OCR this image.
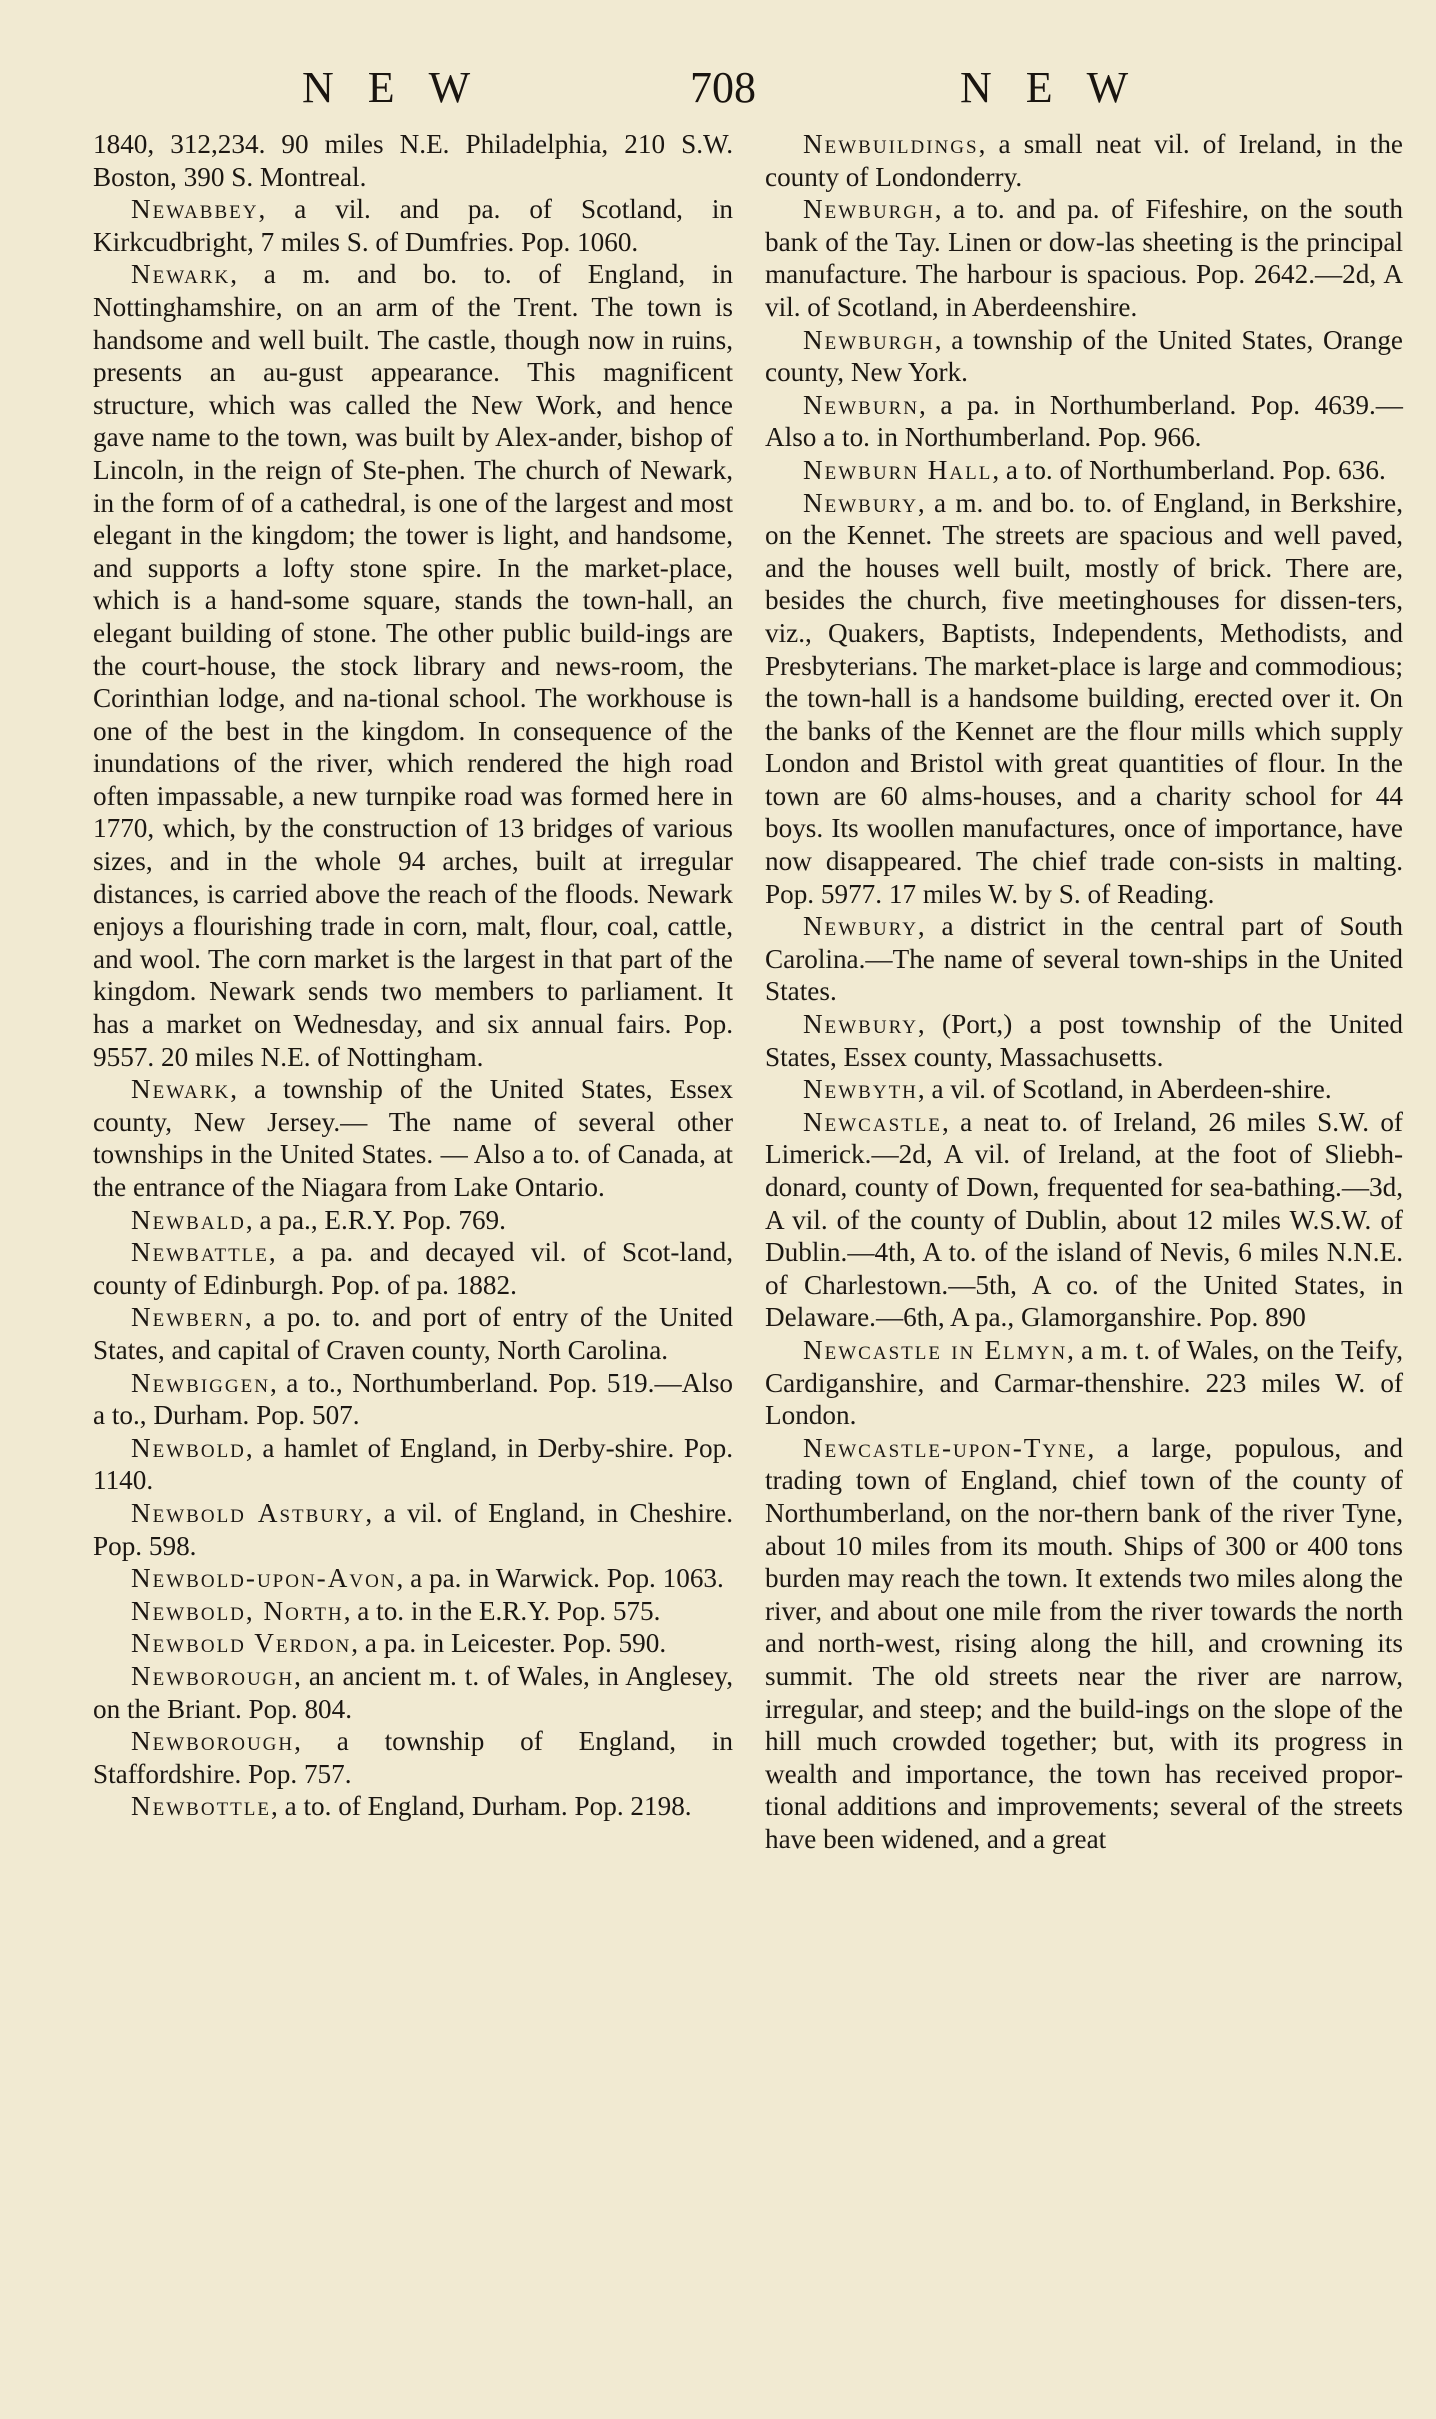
NEW	708	NEW

1840, 312,234. 90 miles N.E. Philadelphia, 210 S.W. Boston, 390 S. Montreal.

Newabbey, a vil. and pa. of Scotland, in Kirkcudbright, 7 miles S. of Dumfries. Pop. 1060.

Newark, a m. and bo. to. of England, in Nottinghamshire, on an arm of the Trent. The town is handsome and well built. The castle, though now in ruins, presents an au-gust appearance. This magnificent structure, which was called the New Work, and hence gave name to the town, was built by Alex-ander, bishop of Lincoln, in the reign of Ste-phen. The church of Newark, in the form of of a cathedral, is one of the largest and most elegant in the kingdom; the tower is light, and handsome, and supports a lofty stone spire. In the market-place, which is a hand-some square, stands the town-hall, an elegant building of stone. The other public build-ings are the court-house, the stock library and news-room, the Corinthian lodge, and na-tional school. The workhouse is one of the best in the kingdom. In consequence of the inundations of the river, which rendered the high road often impassable, a new turnpike road was formed here in 1770, which, by the construction of 13 bridges of various sizes, and in the whole 94 arches, built at irregular distances, is carried above the reach of the floods. Newark enjoys a flourishing trade in corn, malt, flour, coal, cattle, and wool. The corn market is the largest in that part of the kingdom. Newark sends two members to parliament. It has a market on Wednesday, and six annual fairs. Pop. 9557. 20 miles N.E. of Nottingham.

Newark, a township of the United States, Essex county, New Jersey.— The name of several other townships in the United States. — Also a to. of Canada, at the entrance of the Niagara from Lake Ontario.

Newbald, a pa., E.R.Y. Pop. 769.

Newbattle, a pa. and decayed vil. of Scot-land, county of Edinburgh. Pop. of pa. 1882.

Newbern, a po. to. and port of entry of the United States, and capital of Craven county, North Carolina.

Newbiggen, a to., Northumberland. Pop. 519.—Also a to., Durham. Pop. 507.

Newbold, a hamlet of England, in Derby-shire. Pop. 1140.

Newbold Astbury, a vil. of England, in Cheshire. Pop. 598.

Newbold-upon-Avon, a pa. in Warwick. Pop. 1063.

Newbold, North, a to. in the E.R.Y. Pop. 575.

Newbold Verdon, a pa. in Leicester. Pop. 590.

Newborough, an ancient m. t. of Wales, in Anglesey, on the Briant. Pop. 804.

Newborough, a township of England, in Staffordshire. Pop. 757.

Newbottle, a to. of England, Durham. Pop. 2198.

Newbuildings, a small neat vil. of Ireland, in the county of Londonderry.

Newburgh, a to. and pa. of Fifeshire, on the south bank of the Tay. Linen or dow-las sheeting is the principal manufacture. The harbour is spacious. Pop. 2642.—2d, A vil. of Scotland, in Aberdeenshire.

Newburgh, a township of the United States, Orange county, New York.

Newburn, a pa. in Northumberland. Pop. 4639.—Also a to. in Northumberland. Pop. 966.

Newburn Hall, a to. of Northumberland. Pop. 636.

Newbury, a m. and bo. to. of England, in Berkshire, on the Kennet. The streets are spacious and well paved, and the houses well built, mostly of brick. There are, besides the church, five meetinghouses for dissen-ters, viz., Quakers, Baptists, Independents, Methodists, and Presbyterians. The market-place is large and commodious; the town-hall is a handsome building, erected over it. On the banks of the Kennet are the flour mills which supply London and Bristol with great quantities of flour. In the town are 60 alms-houses, and a charity school for 44 boys. Its woollen manufactures, once of importance, have now disappeared. The chief trade con-sists in malting. Pop. 5977. 17 miles W. by S. of Reading.

Newbury, a district in the central part of South Carolina.—The name of several town-ships in the United States.

Newbury, (Port,) a post township of the United States, Essex county, Massachusetts.

Newbyth, a vil. of Scotland, in Aberdeen-shire.

Newcastle, a neat to. of Ireland, 26 miles S.W. of Limerick.—2d, A vil. of Ireland, at the foot of Sliebh-donard, county of Down, frequented for sea-bathing.—3d, A vil. of the county of Dublin, about 12 miles W.S.W. of Dublin.—4th, A to. of the island of Nevis, 6 miles N.N.E. of Charlestown.—5th, A co. of the United States, in Delaware.—6th, A pa., Glamorganshire. Pop. 890

Newcastle in Elmyn, a m. t. of Wales, on the Teify, Cardiganshire, and Carmar-thenshire. 223 miles W. of London.

Newcastle-upon-Tyne, a large, populous, and trading town of England, chief town of the county of Northumberland, on the nor-thern bank of the river Tyne, about 10 miles from its mouth. Ships of 300 or 400 tons burden may reach the town. It extends two miles along the river, and about one mile from the river towards the north and north-west, rising along the hill, and crowning its summit. The old streets near the river are narrow, irregular, and steep; and the build-ings on the slope of the hill much crowded together; but, with its progress in wealth and importance, the town has received propor-tional additions and improvements; several of the streets have been widened, and a great
